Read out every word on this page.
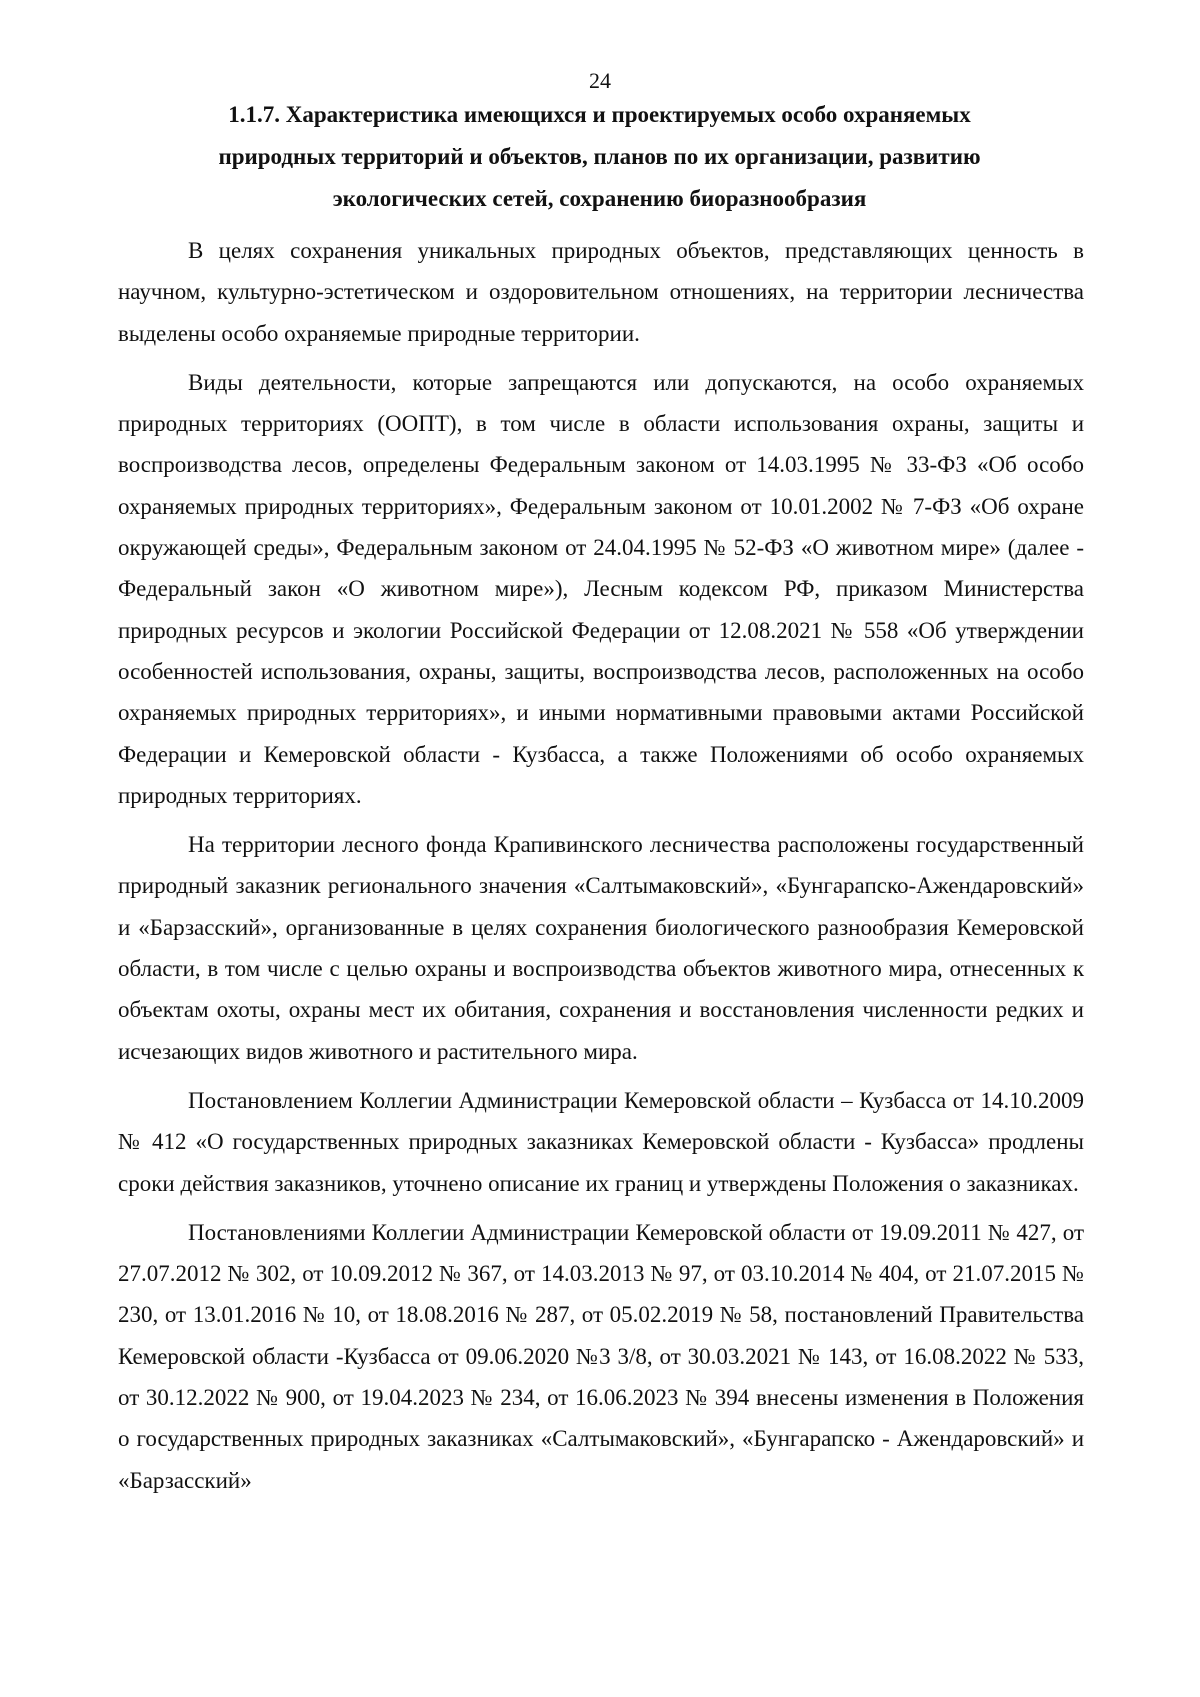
24

1.1.7. Характеристика имеющихся и проектируемых особо охраняемых
природных территорий и объектов, планов по их организации, развитию
экологических сетей, сохранению биоразнообразия

В целях сохранения уникальных природных объектов, представляющих ценность в научном, культурно-эстетическом и оздоровительном отношениях, на территории лесничества выделены особо охраняемые природные территории.

Виды деятельности, которые запрещаются или допускаются, на особо охраняемых природных территориях (ООПТ), в том числе в области использования охраны, защиты и воспроизводства лесов, определены Федеральным законом от 14.03.1995 № 33-ФЗ «Об особо охраняемых природных территориях», Федеральным законом от 10.01.2002 № 7-ФЗ «Об охране окружающей среды», Федеральным законом от 24.04.1995 № 52-ФЗ «О животном мире» (далее - Федеральный закон «О животном мире»), Лесным кодексом РФ, приказом Министерства природных ресурсов и экологии Российской Федерации от 12.08.2021 № 558 «Об утверждении особенностей использования, охраны, защиты, воспроизводства лесов, расположенных на особо охраняемых природных территориях», и иными нормативными правовыми актами Российской Федерации и Кемеровской области - Кузбасса, а также Положениями об особо охраняемых природных территориях.

На территории лесного фонда Крапивинского лесничества расположены государственный природный заказник регионального значения «Салтымаковский», «Бунгарапско-Ажендаровский» и «Барзасский», организованные в целях сохранения биологического разнообразия Кемеровской области, в том числе с целью охраны и воспроизводства объектов животного мира, отнесенных к объектам охоты, охраны мест их обитания, сохранения и восстановления численности редких и исчезающих видов животного и растительного мира.

Постановлением Коллегии Администрации Кемеровской области – Кузбасса от 14.10.2009 № 412 «О государственных природных заказниках Кемеровской области - Кузбасса» продлены сроки действия заказников, уточнено описание их границ и утверждены Положения о заказниках.

Постановлениями Коллегии Администрации Кемеровской области от 19.09.2011 № 427, от 27.07.2012 № 302, от 10.09.2012 № 367, от 14.03.2013 № 97, от 03.10.2014 № 404, от 21.07.2015 № 230, от 13.01.2016 № 10, от 18.08.2016 № 287, от 05.02.2019 № 58, постановлений Правительства Кемеровской области -Кузбасса от 09.06.2020 №3 3/8, от 30.03.2021 № 143, от 16.08.2022 № 533, от 30.12.2022 № 900, от 19.04.2023 № 234, от 16.06.2023 № 394 внесены изменения в Положения о государственных природных заказниках «Салтымаковский», «Бунгарапско - Ажендаровский» и «Барзасский»
